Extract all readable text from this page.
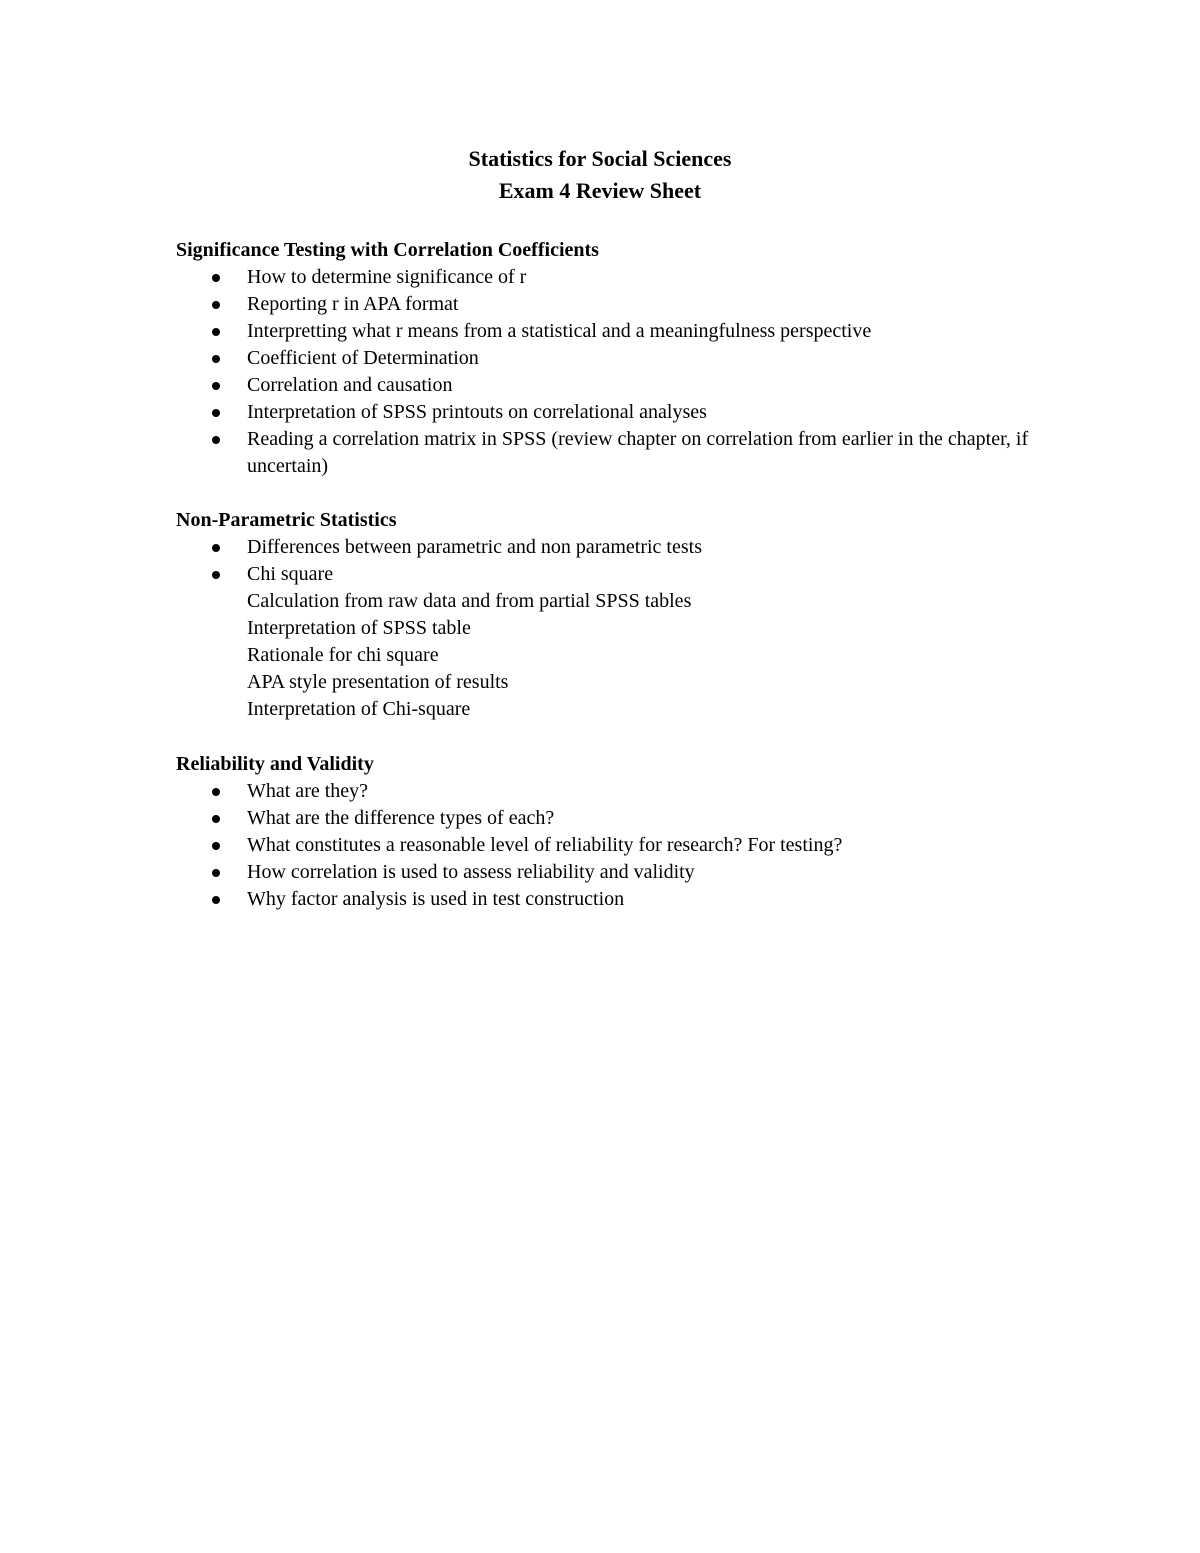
Statistics for Social Sciences
Exam 4 Review Sheet
Significance Testing with Correlation Coefficients
How to determine significance of r
Reporting r in APA format
Interpretting what r means from a statistical and a meaningfulness perspective
Coefficient of Determination
Correlation and causation
Interpretation of SPSS printouts on correlational analyses
Reading a correlation matrix in SPSS (review chapter on correlation from earlier in the chapter, if uncertain)
Non-Parametric Statistics
Differences between parametric and non parametric tests
Chi square
Calculation from raw data and from partial SPSS tables
Interpretation of SPSS table
Rationale for chi square
APA style presentation of results
Interpretation of Chi-square
Reliability and Validity
What are they?
What are the difference types of each?
What constitutes a reasonable level of reliability for research? For testing?
How correlation is used to assess reliability and validity
Why factor analysis is used in test construction
